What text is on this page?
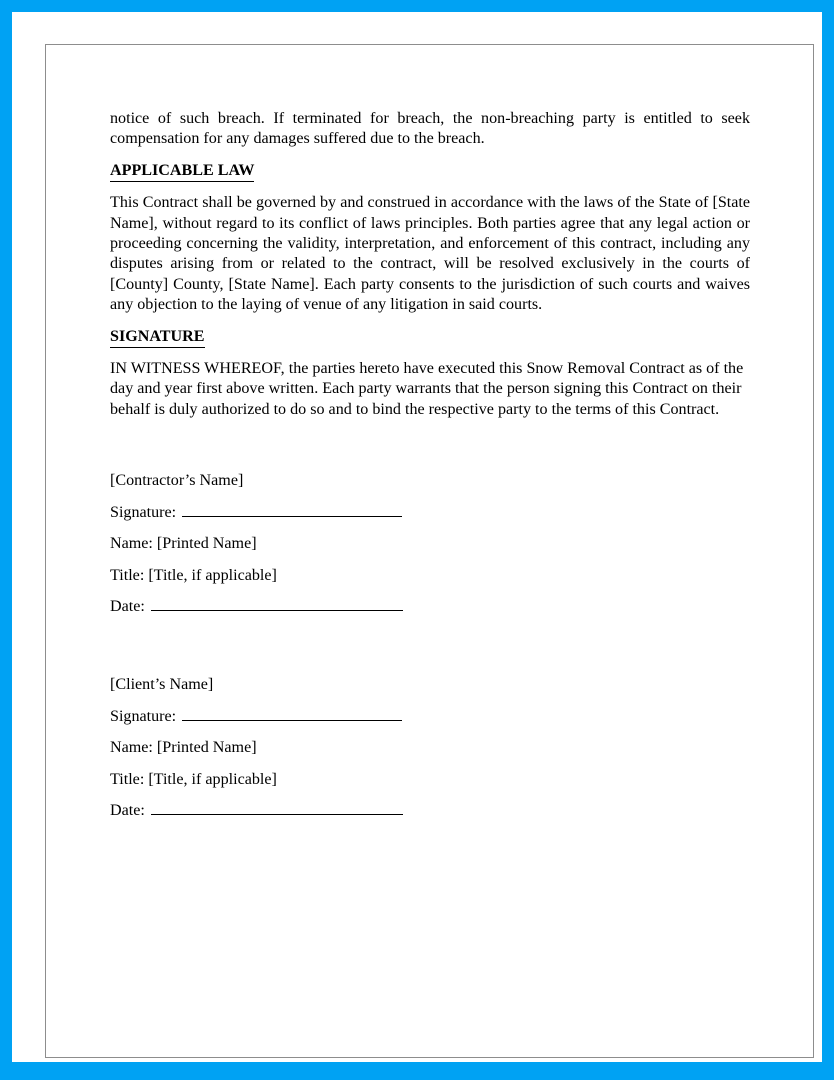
notice of such breach. If terminated for breach, the non-breaching party is entitled to seek compensation for any damages suffered due to the breach.

APPLICABLE LAW

This Contract shall be governed by and construed in accordance with the laws of the State of [State Name], without regard to its conflict of laws principles. Both parties agree that any legal action or proceeding concerning the validity, interpretation, and enforcement of this contract, including any disputes arising from or related to the contract, will be resolved exclusively in the courts of [County] County, [State Name]. Each party consents to the jurisdiction of such courts and waives any objection to the laying of venue of any litigation in said courts.

SIGNATURE

IN WITNESS WHEREOF, the parties hereto have executed this Snow Removal Contract as of the day and year first above written. Each party warrants that the person signing this Contract on their behalf is duly authorized to do so and to bind the respective party to the terms of this Contract.

[Contractor’s Name]
Signature:
Name: [Printed Name]
Title: [Title, if applicable]
Date:
[Client’s Name]
Signature:
Name: [Printed Name]
Title: [Title, if applicable]
Date:
